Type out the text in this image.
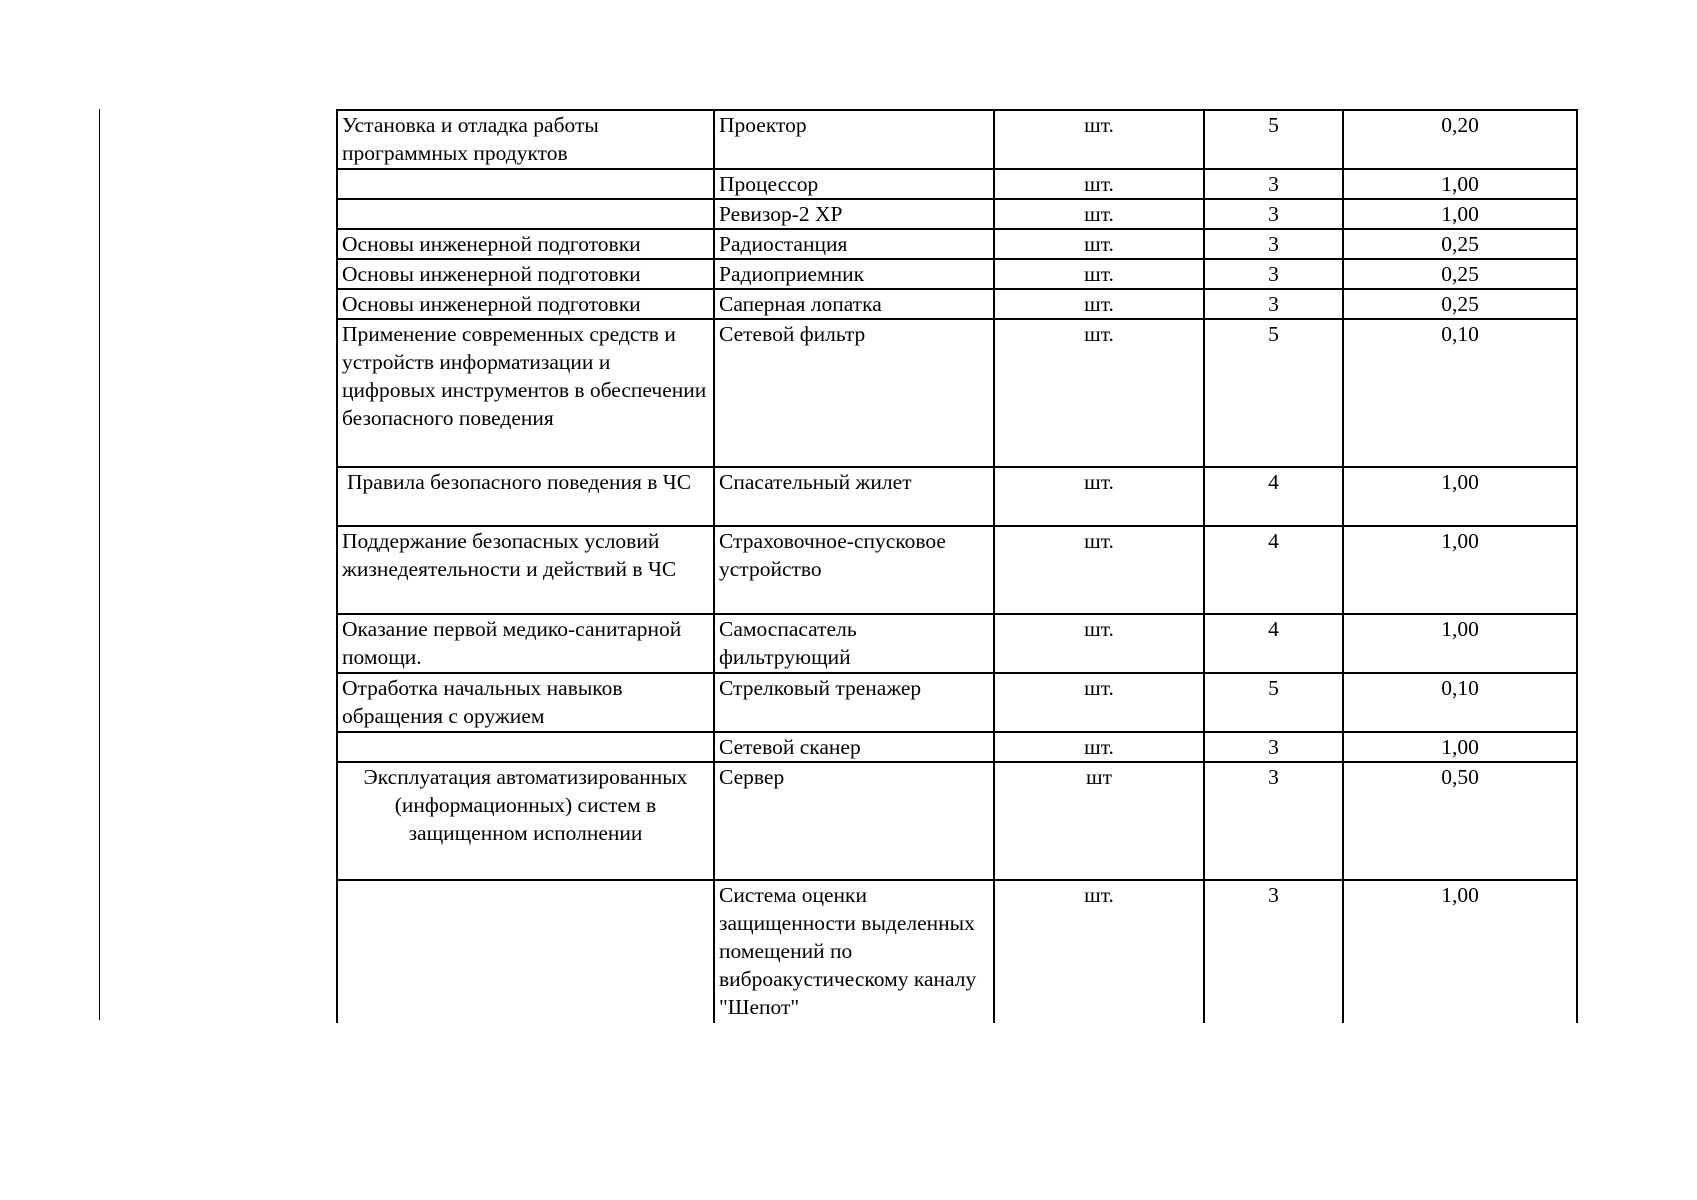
Установка и отладка работы программных продуктов	Проектор	шт.	5	0,20
	Процессор	шт.	3	1,00
	Ревизор-2 XP	шт.	3	1,00
Основы инженерной подготовки	Радиостанция	шт.	3	0,25
Основы инженерной подготовки	Радиоприемник	шт.	3	0,25
Основы инженерной подготовки	Саперная лопатка	шт.	3	0,25
Применение современных средств и устройств информатизации и цифровых инструментов в обеспечении безопасного поведения	Сетевой фильтр	шт.	5	0,10
Правила безопасного поведения в ЧС	Спасательный жилет	шт.	4	1,00
Поддержание безопасных условий жизнедеятельности и действий в ЧС	Страховочное-спусковое устройство	шт.	4	1,00
Оказание первой медико-санитарной помощи.	Самоспасатель фильтрующий	шт.	4	1,00
Отработка начальных навыков обращения с оружием	Стрелковый тренажер	шт.	5	0,10
	Сетевой сканер	шт.	3	1,00
Эксплуатация автоматизированных (информационных) систем в защищенном исполнении	Сервер	шт	3	0,50
	Система оценки защищенности выделенных помещений по виброакустическому каналу "Шепот"	шт.	3	1,00
